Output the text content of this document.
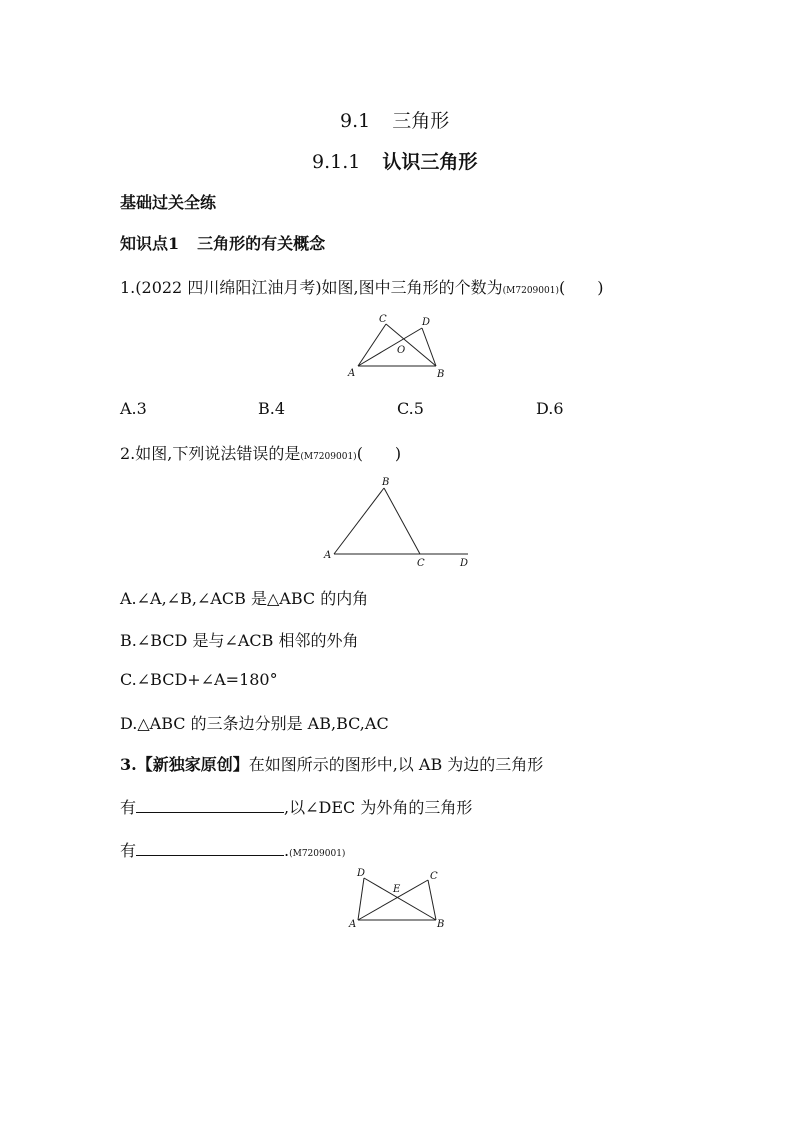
9.1 三角形
9.1.1 认识三角形
基础过关全练
知识点1 三角形的有关概念
1.(2022 四川绵阳江油月考)如图,图中三角形的个数为(M7209001)(　　)
C	D
O
A	B
A.3	B.4	C.5	D.6
2.如图,下列说法错误的是(M7209001)(　　)
B
A
C	D
A.∠A,∠B,∠ACB 是△ABC 的内角
B.∠BCD 是与∠ACB 相邻的外角
C.∠BCD+∠A=180°
D.△ABC 的三条边分别是 AB,BC,AC
3.【新独家原创】在如图所示的图形中,以 AB 为边的三角形
有	,以∠DEC 为外角的三角形
有	.(M7209001)
D	C
E
A	B
